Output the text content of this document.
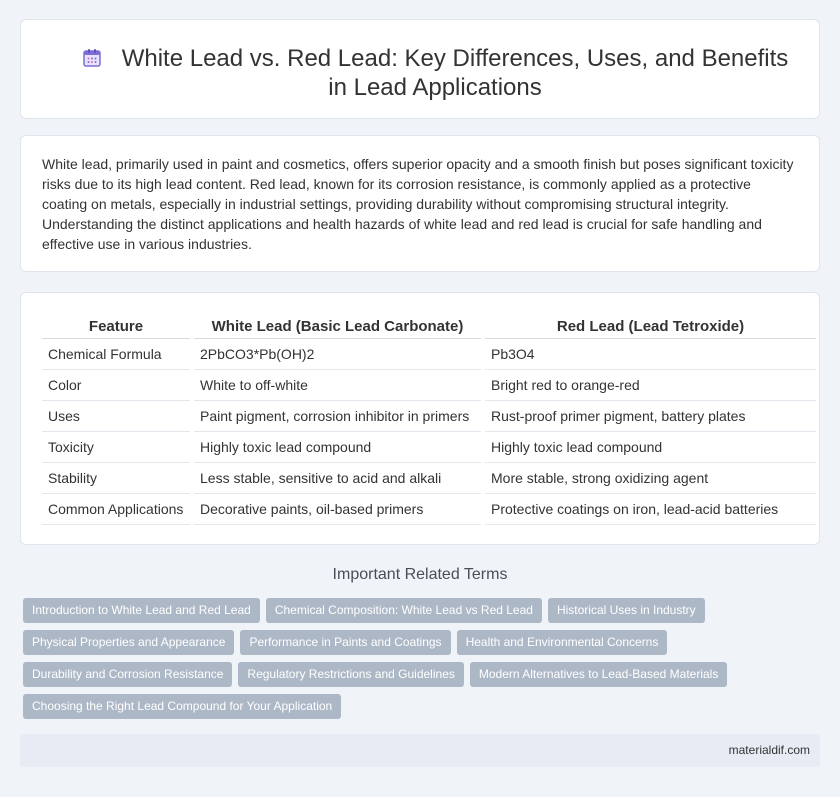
White Lead vs. Red Lead: Key Differences, Uses, and Benefits in Lead Applications

White lead, primarily used in paint and cosmetics, offers superior opacity and a smooth finish but poses significant toxicity risks due to its high lead content. Red lead, known for its corrosion resistance, is commonly applied as a protective coating on metals, especially in industrial settings, providing durability without compromising structural integrity. Understanding the distinct applications and health hazards of white lead and red lead is crucial for safe handling and effective use in various industries.

Feature	White Lead (Basic Lead Carbonate)	Red Lead (Lead Tetroxide)
Chemical Formula	2PbCO3*Pb(OH)2	Pb3O4
Color	White to off-white	Bright red to orange-red
Uses	Paint pigment, corrosion inhibitor in primers	Rust-proof primer pigment, battery plates
Toxicity	Highly toxic lead compound	Highly toxic lead compound
Stability	Less stable, sensitive to acid and alkali	More stable, strong oxidizing agent
Common Applications	Decorative paints, oil-based primers	Protective coatings on iron, lead-acid batteries
Important Related Terms
Introduction to White Lead and Red Lead Chemical Composition: White Lead vs Red Lead Historical Uses in IndustryPhysical Properties and Appearance Performance in Paints and Coatings Health and Environmental ConcernsDurability and Corrosion Resistance Regulatory Restrictions and Guidelines Modern Alternatives to Lead-Based MaterialsChoosing the Right Lead Compound for Your Application
materialdif.com
